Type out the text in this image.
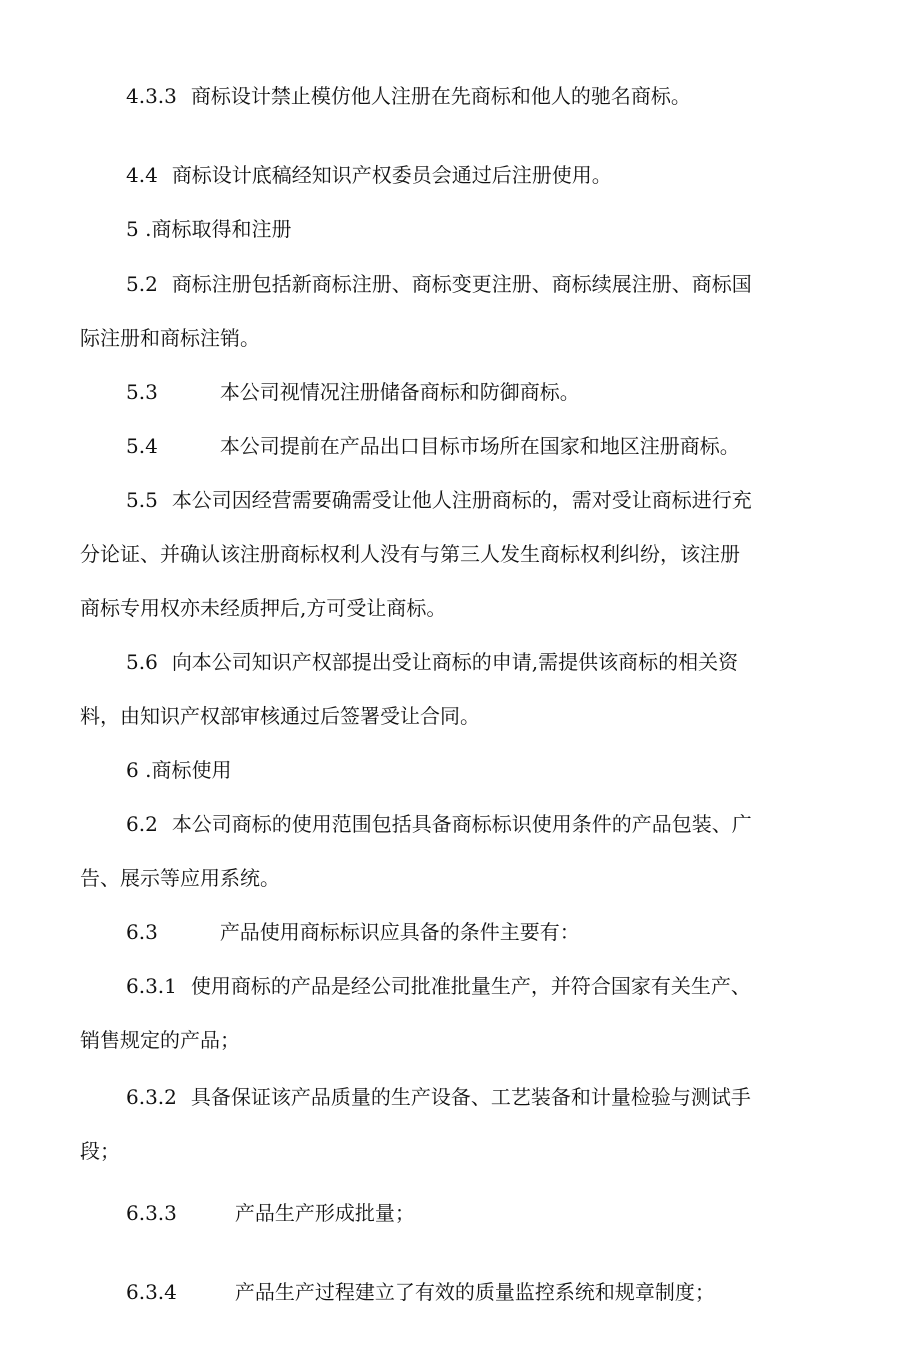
4.3.3 商标设计禁止模仿他人注册在先商标和他人的驰名商标。

4.4 商标设计底稿经知识产权委员会通过后注册使用。

5 .商标取得和注册

5.2 商标注册包括新商标注册、商标变更注册、商标续展注册、商标国
际注册和商标注销。

5.3	本公司视情况注册储备商标和防御商标。

5.4	本公司提前在产品出口目标市场所在国家和地区注册商标。

5.5 本公司因经营需要确需受让他人注册商标的，需对受让商标进行充
分论证、并确认该注册商标权利人没有与第三人发生商标权利纠纷，该注册
商标专用权亦未经质押后,方可受让商标。

5.6 向本公司知识产权部提出受让商标的申请,需提供该商标的相关资
料，由知识产权部审核通过后签署受让合同。

6 .商标使用

6.2 本公司商标的使用范围包括具备商标标识使用条件的产品包装、广
告、展示等应用系统。

6.3	产品使用商标标识应具备的条件主要有：

6.3.1 使用商标的产品是经公司批准批量生产，并符合国家有关生产、
销售规定的产品；

6.3.2 具备保证该产品质量的生产设备、工艺装备和计量检验与测试手
段；

6.3.3	产品生产形成批量；

6.3.4	产品生产过程建立了有效的质量监控系统和规章制度；
